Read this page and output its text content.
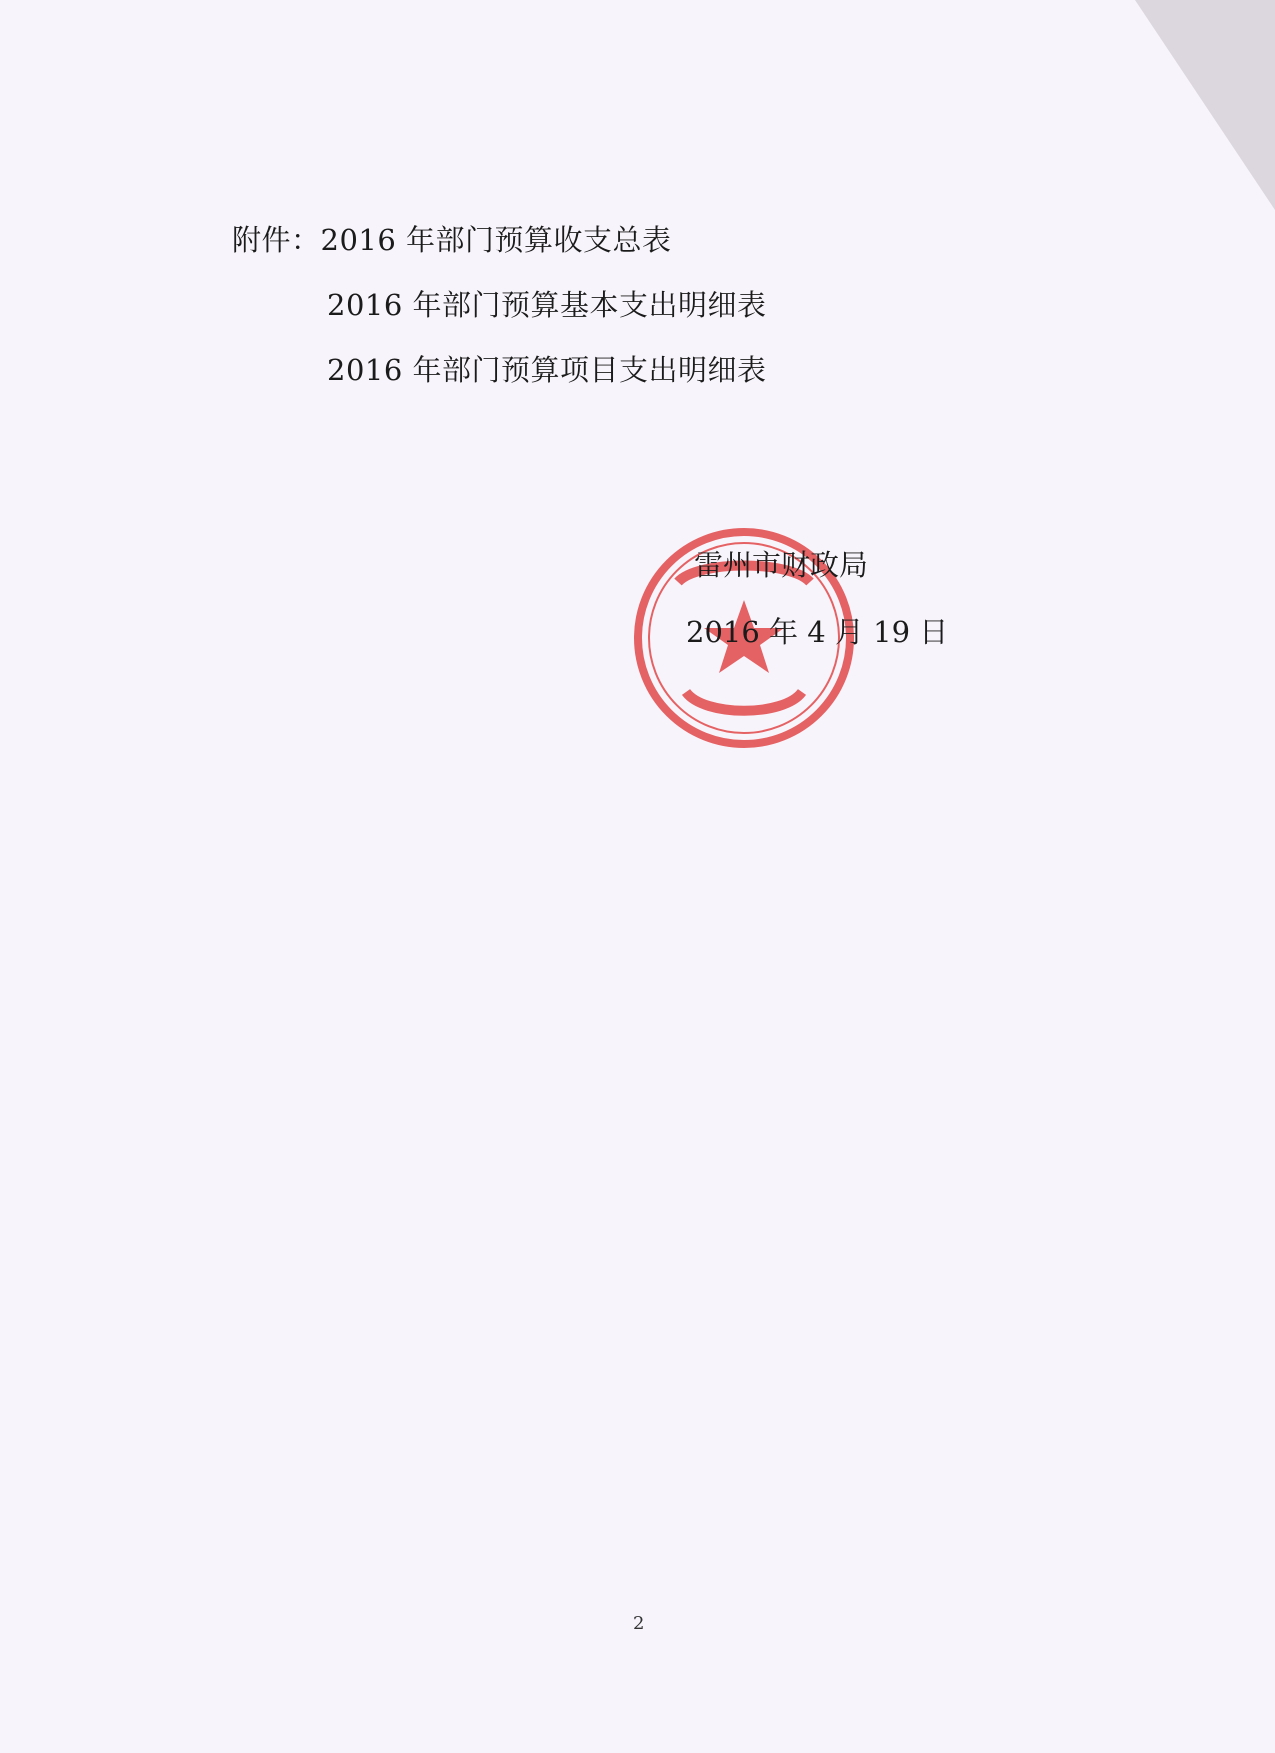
附件：2016 年部门预算收支总表
2016 年部门预算基本支出明细表
2016 年部门预算项目支出明细表
雷州市财政局
2016 年 4 月 19 日
2
